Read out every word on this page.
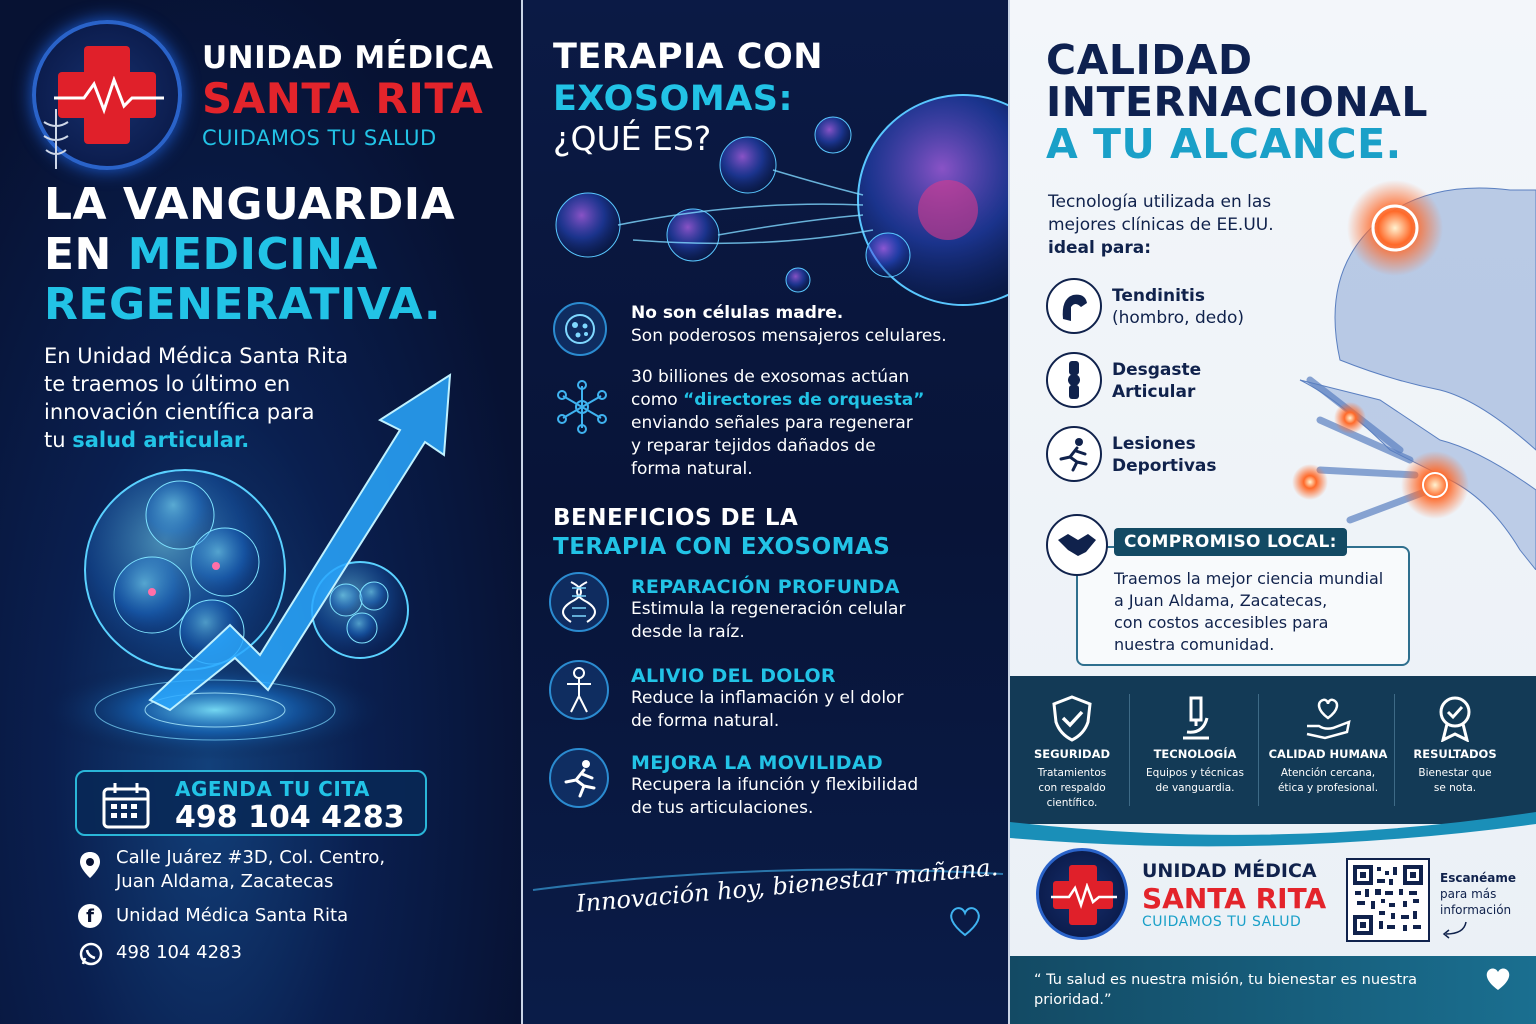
UNIDAD MÉDICA
SANTA RITA
CUIDAMOS TU SALUD
LA VANGUARDIA
EN MEDICINA
REGENERATIVA.
En Unidad Médica Santa Rita
te traemos lo último en
innovación científica para
tu salud articular.
AGENDA TU CITA
498 104 4283
Calle Juárez #3D, Col. Centro,
Juan Aldama, Zacatecas
f	Unidad Médica Santa Rita
498 104 4283
TERAPIA CON
EXOSOMAS:
¿QUÉ ES?
No son células madre.
Son poderosos mensajeros celulares.
30 billiones de exosomas actúan
como “directores de orquesta”
enviando señales para regenerar
y reparar tejidos dañados de
forma natural.
BENEFICIOS DE LA
TERAPIA CON EXOSOMAS
REPARACIÓN PROFUNDA
Estimula la regeneración celular
desde la raíz.
ALIVIO DEL DOLOR
Reduce la inflamación y el dolor
de forma natural.
MEJORA LA MOVILIDAD
Recupera la ifunción y flexibilidad
de tus articulaciones.
Innovación hoy, bienestar mañana.
CALIDAD
INTERNACIONAL
A TU ALCANCE.
Tecnología utilizada en las
mejores clínicas de EE.UU.
ideal para:
Tendinitis
(hombro, dedo)
Desgaste
Articular
Lesiones
Deportivas
COMPROMISO LOCAL:
Traemos la mejor ciencia mundial
a Juan Aldama, Zacatecas,
con costos accesibles para
nuestra comunidad.
SEGURIDAD
Tratamientos
con respaldo
científico.
TECNOLOGÍA
Equipos y técnicas
de vanguardia.
CALIDAD HUMANA
Atención cercana,
ética y profesional.
RESULTADOS
Bienestar que
se nota.
UNIDAD MÉDICA
SANTA RITA
CUIDAMOS TU SALUD
Escanéame
para más
información
“ Tu salud es nuestra misión, tu bienestar es nuestra prioridad.”
